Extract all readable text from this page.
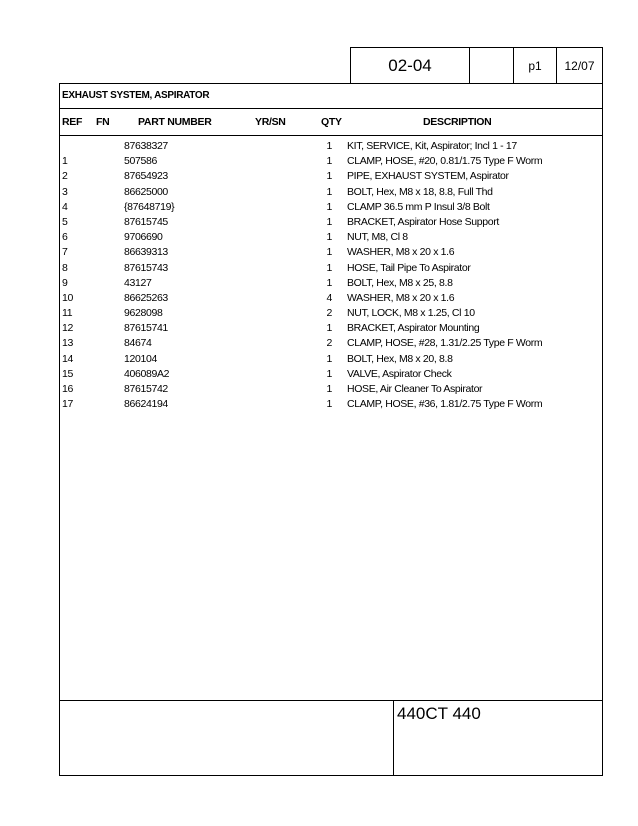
02-04	p1	12/07
EXHAUST SYSTEM, ASPIRATOR
REF FN	PART NUMBER	YR/SN	QTY	DESCRIPTION
87638327	1 KIT, SERVICE, Kit, Aspirator; Incl 1 - 17
1	507586	1 CLAMP, HOSE, #20, 0.81/1.75 Type F Worm
2	87654923	1 PIPE, EXHAUST SYSTEM, Aspirator
3	86625000	1 BOLT, Hex, M8 x 18, 8.8, Full Thd
4	{87648719}	1 CLAMP 36.5 mm P Insul 3/8 Bolt
5	87615745	1 BRACKET, Aspirator Hose Support
6	9706690	1 NUT, M8, Cl 8
7	86639313	1 WASHER, M8 x 20 x 1.6
8	87615743	1 HOSE, Tail Pipe To Aspirator
9	43127	1 BOLT, Hex, M8 x 25, 8.8
10	86625263	4 WASHER, M8 x 20 x 1.6
11	9628098	2 NUT, LOCK, M8 x 1.25, Cl 10
12	87615741	1 BRACKET, Aspirator Mounting
13	84674	2 CLAMP, HOSE, #28, 1.31/2.25 Type F Worm
14	120104	1 BOLT, Hex, M8 x 20, 8.8
15	406089A2	1 VALVE, Aspirator Check
16	87615742	1 HOSE, Air Cleaner To Aspirator
17	86624194	1 CLAMP, HOSE, #36, 1.81/2.75 Type F Worm
440CT 440
